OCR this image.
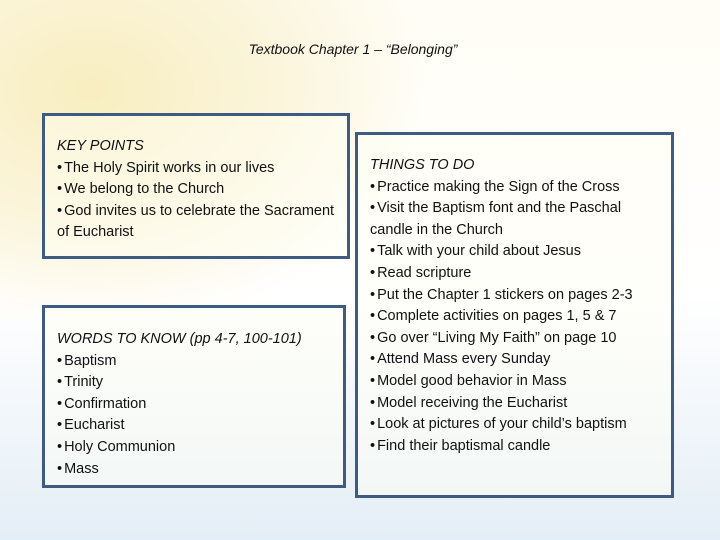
Textbook Chapter 1 – “Belonging”
KEY POINTS
• The Holy Spirit works in our lives
• We belong to the Church
• God invites us to celebrate the Sacrament of Eucharist
WORDS TO KNOW (pp 4-7, 100-101)
• Baptism
• Trinity
• Confirmation
• Eucharist
• Holy Communion
• Mass
THINGS TO DO
• Practice making the Sign of the Cross
• Visit the Baptism font and the Paschal candle in the Church
• Talk with your child about Jesus
• Read scripture
• Put the Chapter 1 stickers on pages 2-3
• Complete activities on pages 1, 5 & 7
• Go over “Living My Faith” on page 10
• Attend Mass every Sunday
• Model good behavior in Mass
• Model receiving the Eucharist
• Look at pictures of your child’s baptism
• Find their baptismal candle
